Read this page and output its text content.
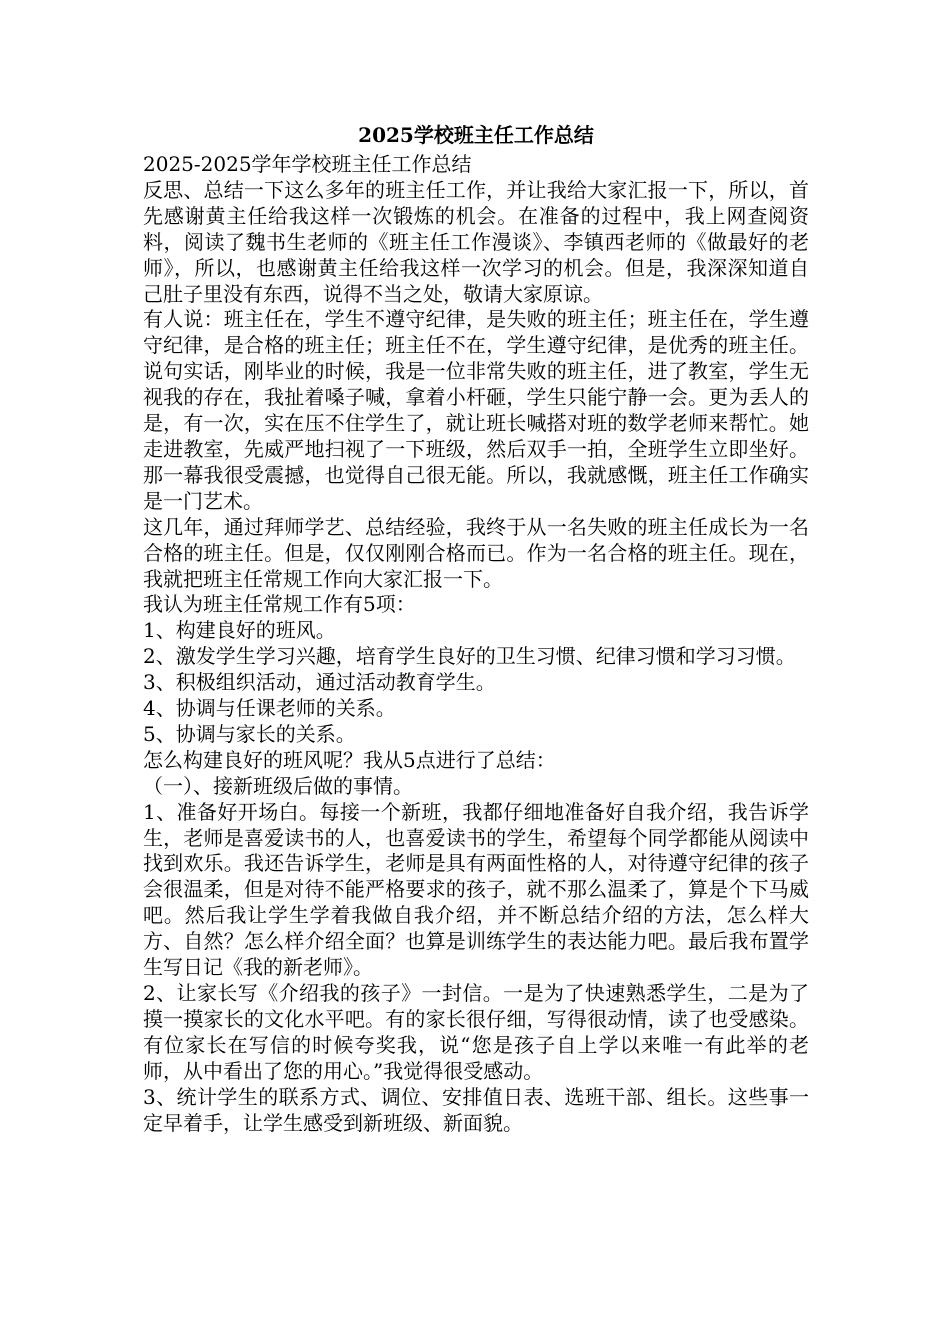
2025学校班主任工作总结

2025-2025学年学校班主任工作总结

反思、总结一下这么多年的班主任工作，并让我给大家汇报一下，所以，首先感谢黄主任给我这样一次锻炼的机会。在准备的过程中，我上网查阅资料，阅读了魏书生老师的《班主任工作漫谈》、李镇西老师的《做最好的老师》，所以，也感谢黄主任给我这样一次学习的机会。但是，我深深知道自己肚子里没有东西，说得不当之处，敬请大家原谅。

有人说：班主任在，学生不遵守纪律，是失败的班主任；班主任在，学生遵守纪律，是合格的班主任；班主任不在，学生遵守纪律，是优秀的班主任。说句实话，刚毕业的时候，我是一位非常失败的班主任，进了教室，学生无视我的存在，我扯着嗓子喊，拿着小杆砸，学生只能宁静一会。更为丢人的是，有一次，实在压不住学生了，就让班长喊搭对班的数学老师来帮忙。她走进教室，先威严地扫视了一下班级，然后双手一拍，全班学生立即坐好。那一幕我很受震撼，也觉得自己很无能。所以，我就感慨，班主任工作确实是一门艺术。

这几年，通过拜师学艺、总结经验，我终于从一名失败的班主任成长为一名合格的班主任。但是，仅仅刚刚合格而已。作为一名合格的班主任。现在，我就把班主任常规工作向大家汇报一下。

我认为班主任常规工作有5项：

1、构建良好的班风。

2、激发学生学习兴趣，培育学生良好的卫生习惯、纪律习惯和学习习惯。

3、积极组织活动，通过活动教育学生。

4、协调与任课老师的关系。

5、协调与家长的关系。

怎么构建良好的班风呢？我从5点进行了总结：

（一）、接新班级后做的事情。

1、准备好开场白。每接一个新班，我都仔细地准备好自我介绍，我告诉学生，老师是喜爱读书的人，也喜爱读书的学生，希望每个同学都能从阅读中找到欢乐。我还告诉学生，老师是具有两面性格的人，对待遵守纪律的孩子会很温柔，但是对待不能严格要求的孩子，就不那么温柔了，算是个下马威吧。然后我让学生学着我做自我介绍，并不断总结介绍的方法，怎么样大方、自然？怎么样介绍全面？也算是训练学生的表达能力吧。最后我布置学生写日记《我的新老师》。

2、让家长写《介绍我的孩子》一封信。一是为了快速熟悉学生，二是为了摸一摸家长的文化水平吧。有的家长很仔细，写得很动情，读了也受感染。有位家长在写信的时候夸奖我，说“您是孩子自上学以来唯一有此举的老师，从中看出了您的用心。”我觉得很受感动。

3、统计学生的联系方式、调位、安排值日表、选班干部、组长。这些事一定早着手，让学生感受到新班级、新面貌。
